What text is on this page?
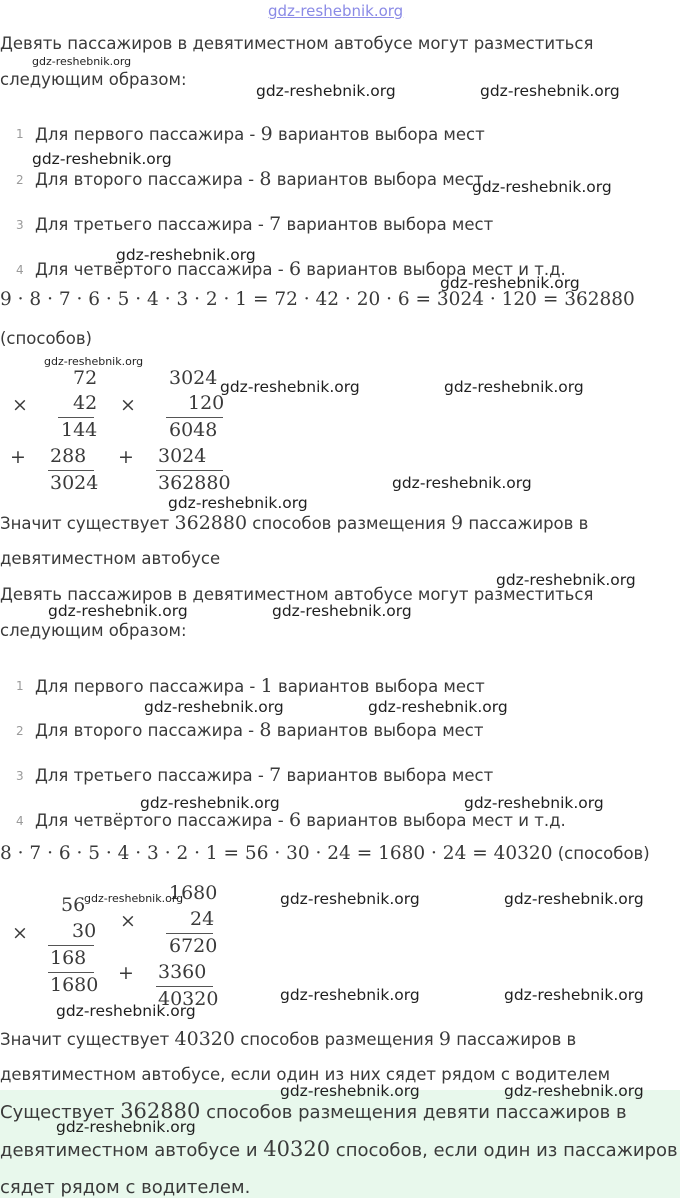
gdz-reshebnik.org
Девять пассажиров в девятиместном автобусе могут разместиться
следующим образом:
1 Для первого пассажира - 9 вариантов выбора мест
2 Для второго пассажира - 8 вариантов выбора мест
3 Для третьего пассажира - 7 вариантов выбора мест
4 Для четвёртого пассажира - 6 вариантов выбора мест и т.д.
9 · 8 · 7 · 6 · 5 · 4 · 3 · 2 · 1 = 72 · 42 · 20 · 6 = 3024 · 120 = 362880
(способов)
72
× 42
144
+ 288
3024
3024
×	120
6048
+ 3024
362880
Значит существует 362880 способов размещения 9 пассажиров в
девятиместном автобусе
Девять пассажиров в девятиместном автобусе могут разместиться
следующим образом:
1 Для первого пассажира - 1 вариантов выбора мест
2 Для второго пассажира - 8 вариантов выбора мест
3 Для третьего пассажира - 7 вариантов выбора мест
4 Для четвёртого пассажира - 6 вариантов выбора мест и т.д.
8 · 7 · 6 · 5 · 4 · 3 · 2 · 1 = 56 · 30 · 24 = 1680 · 24 = 40320 (способов)
56
× 30
168
1680
1680
×	24
6720
+ 3360
40320
Значит существует 40320 способов размещения 9 пассажиров в
девятиместном автобусе, если один из них сядет рядом с водителем
Существует 362880 способов размещения девяти пассажиров в
девятиместном автобусе и 40320 способов, если один из пассажиров
сядет рядом с водителем.
gdz-reshebnik.org
gdz-reshebnik.org	gdz-reshebnik.org
gdz-reshebnik.org
gdz-reshebnik.org
gdz-reshebnik.org
gdz-reshebnik.org
gdz-reshebnik.org
gdz-reshebnik.org	gdz-reshebnik.org
gdz-reshebnik.org
gdz-reshebnik.org
gdz-reshebnik.org
gdz-reshebnik.org	gdz-reshebnik.org
gdz-reshebnik.org	gdz-reshebnik.org
gdz-reshebnik.org	gdz-reshebnik.org
gdz-reshebnik.org	gdz-reshebnik.org	gdz-reshebnik.org
gdz-reshebnik.org	gdz-reshebnik.org
gdz-reshebnik.org
gdz-reshebnik.org	gdz-reshebnik.org
gdz-reshebnik.org
